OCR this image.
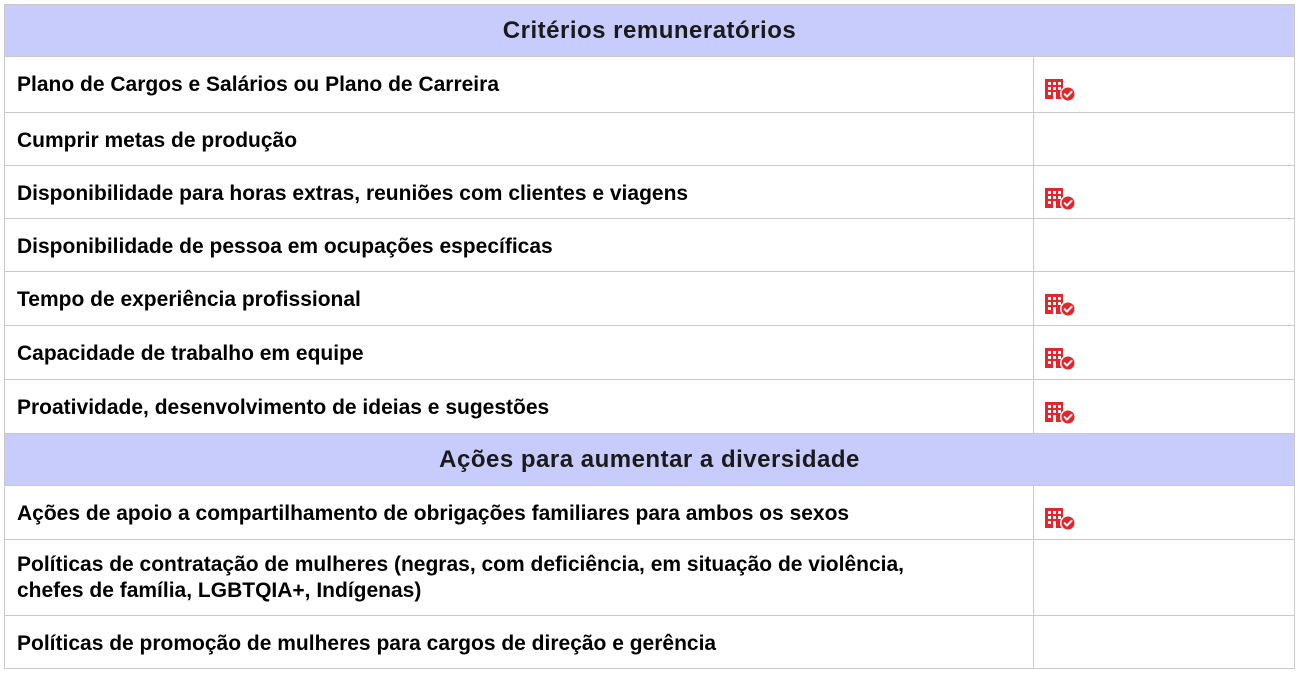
Critérios remuneratórios	

Plano de Cargos e Salários ou Plano de Carreira

Cumprir metas de produção	

Disponibilidade para horas extras, reuniões com clientes e viagens

Disponibilidade de pessoa em ocupações específicas	

Tempo de experiência profissional

Capacidade de trabalho em equipe

Proatividade, desenvolvimento de ideias e sugestões

Ações para aumentar a diversidade	

Ações de apoio a compartilhamento de obrigações familiares para ambos os sexos

Políticas de contratação de mulheres (negras, com deficiência, em situação de violência,
chefes de família, LGBTQIA+, Indígenas)	

Políticas de promoção de mulheres para cargos de direção e gerência	
